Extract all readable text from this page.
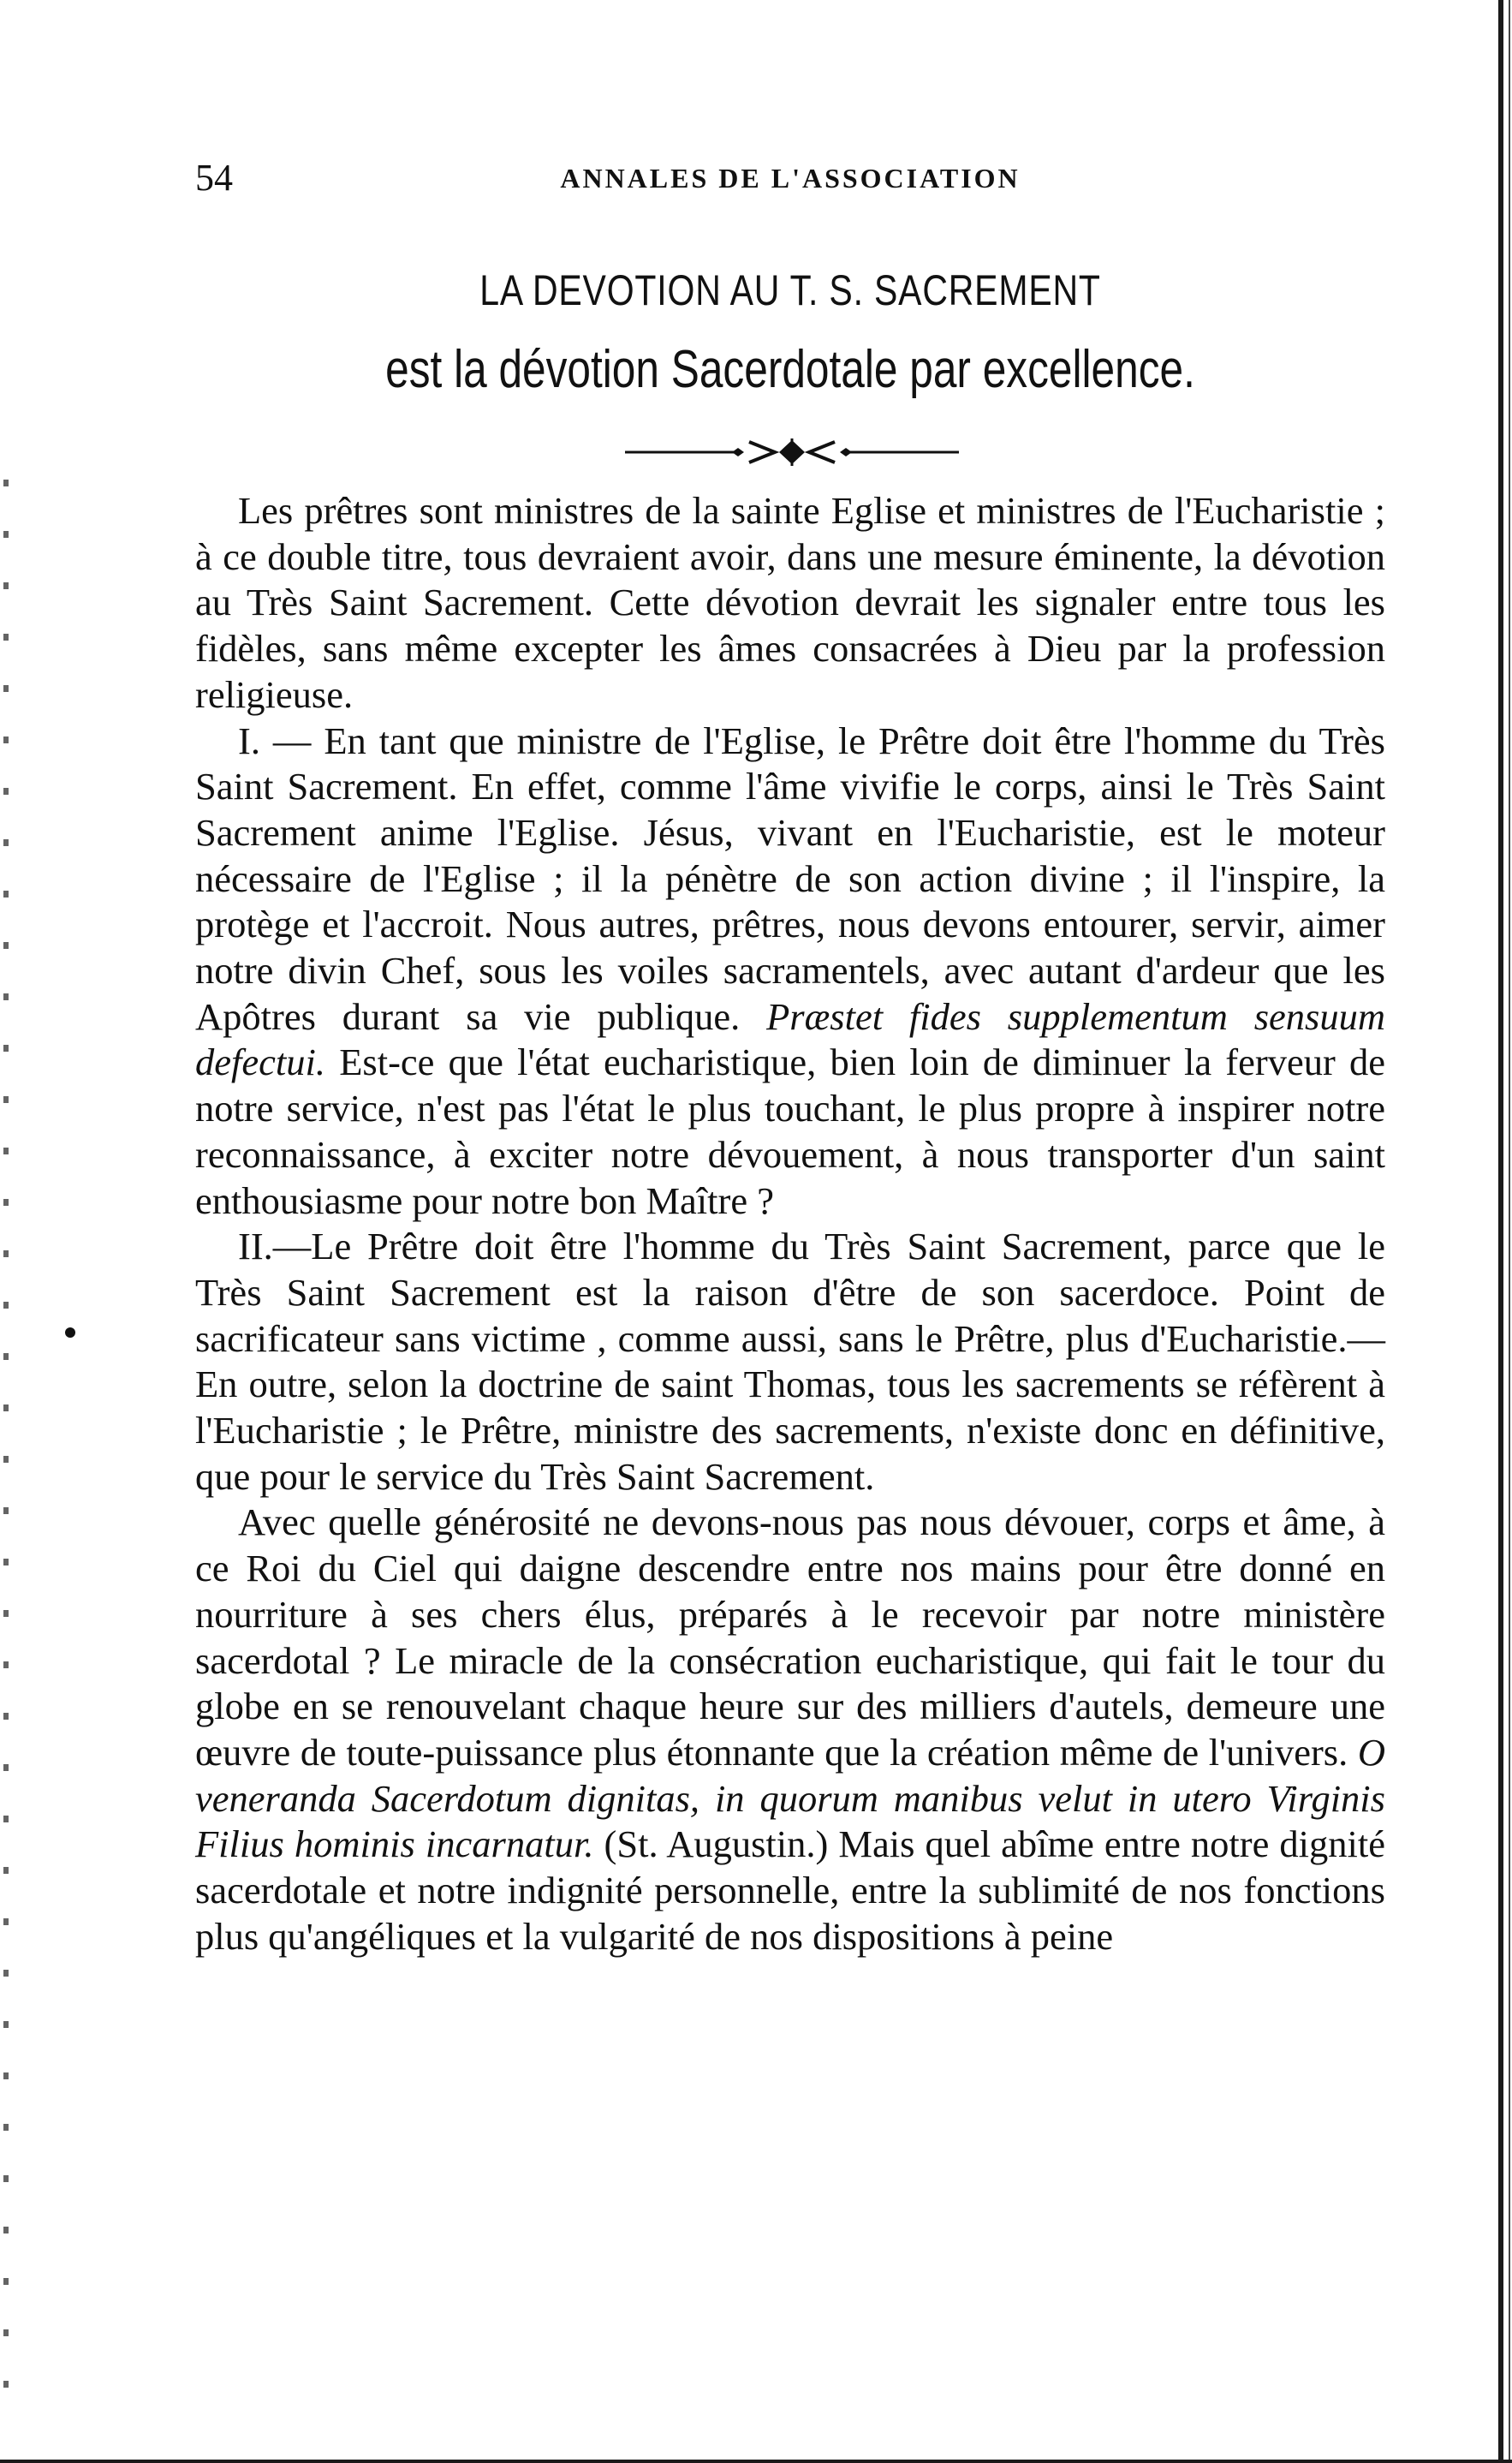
54	ANNALES DE L'ASSOCIATION
LA DEVOTION AU T. S. SACREMENT
est la dévotion Sacerdotale par excellence.

Les prêtres sont ministres de la sainte Eglise et ministres de l'Eucharistie ; à ce double titre, tous devraient avoir, dans une mesure éminente, la dévotion au Très Saint Sacrement. Cette dévotion devrait les signaler entre tous les fidèles, sans même excepter les âmes consacrées à Dieu par la profession religieuse.

I. — En tant que ministre de l'Eglise, le Prêtre doit être l'homme du Très Saint Sacrement. En effet, comme l'âme vivifie le corps, ainsi le Très Saint Sacrement anime l'Eglise. Jésus, vivant en l'Eucharistie, est le moteur nécessaire de l'Eglise ; il la pénètre de son action divine ; il l'inspire, la protège et l'accroit. Nous autres, prêtres, nous devons entourer, servir, aimer notre divin Chef, sous les voiles sacramentels, avec autant d'ardeur que les Apôtres durant sa vie publique. Præstet fides supplementum sensuum defectui. Est-ce que l'état eucharistique, bien loin de diminuer la ferveur de notre service, n'est pas l'état le plus touchant, le plus propre à inspirer notre reconnaissance, à exciter notre dévouement, à nous transporter d'un saint enthousiasme pour notre bon Maître ?

II.—Le Prêtre doit être l'homme du Très Saint Sacrement, parce que le Très Saint Sacrement est la raison d'être de son sacerdoce. Point de sacrificateur sans victime , comme aussi, sans le Prêtre, plus d'Eucharistie.—En outre, selon la doctrine de saint Thomas, tous les sacrements se réfèrent à l'Eucharistie ; le Prêtre, ministre des sacrements, n'existe donc en définitive, que pour le service du Très Saint Sacrement.

Avec quelle générosité ne devons-nous pas nous dévouer, corps et âme, à ce Roi du Ciel qui daigne descendre entre nos mains pour être donné en nourriture à ses chers élus, préparés à le recevoir par notre ministère sacerdotal ? Le miracle de la consécration eucharistique, qui fait le tour du globe en se renouvelant chaque heure sur des milliers d'autels, demeure une œuvre de toute-puissance plus étonnante que la création même de l'univers. O veneranda Sacerdotum dignitas, in quorum manibus velut in utero Virginis Filius hominis incarnatur. (St. Augustin.) Mais quel abîme entre notre dignité sacerdotale et notre indignité personnelle, entre la sublimité de nos fonctions plus qu'angéliques et la vulgarité de nos dispositions à peine
